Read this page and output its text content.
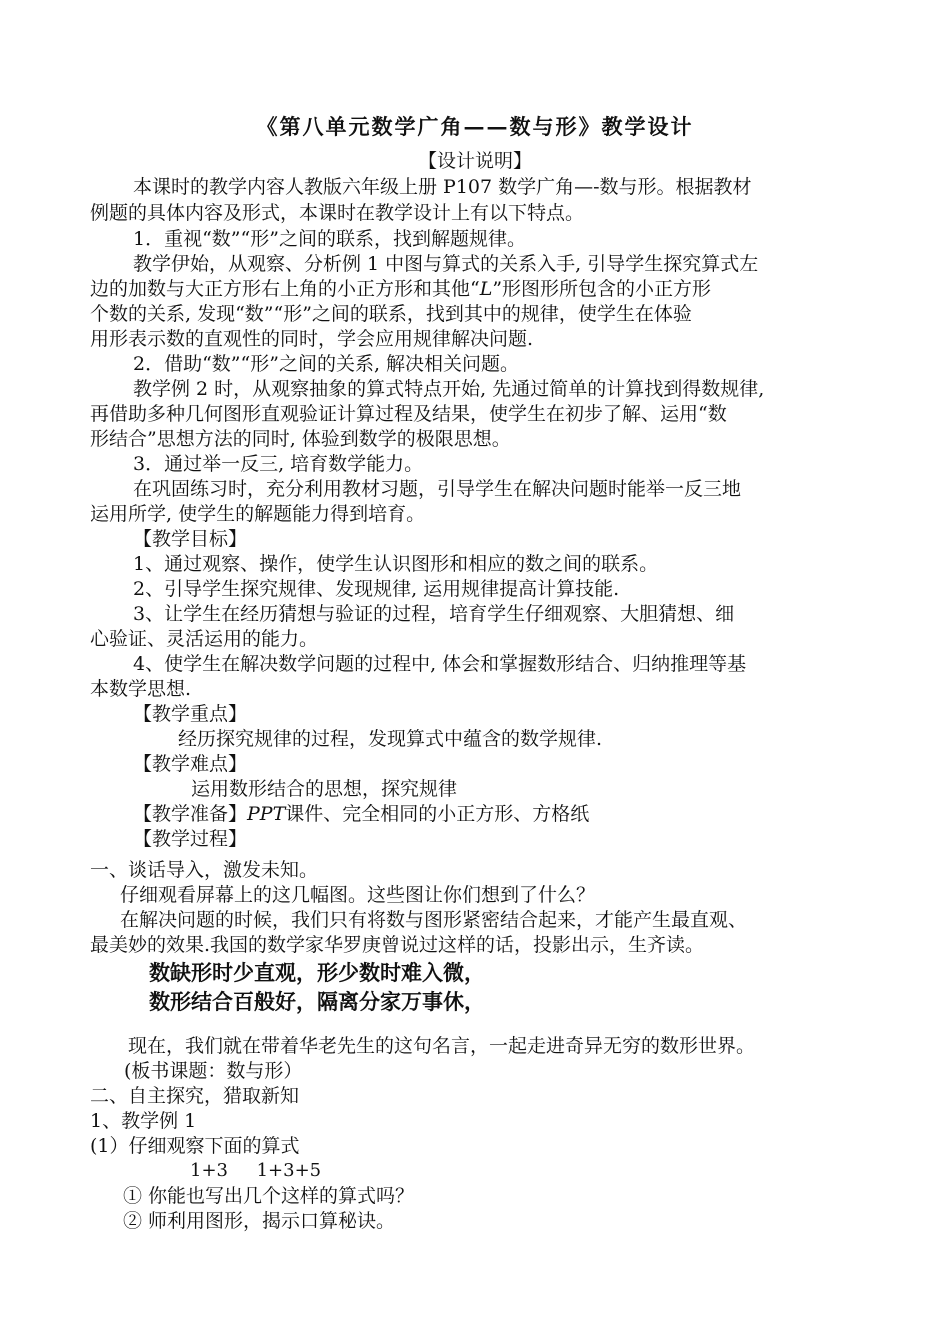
《第八单元数学广角——数与形》教学设计
【设计说明】
本课时的教学内容人教版六年级上册 P107 数学广角—-数与形。根据教材
例题的具体内容及形式，本课时在教学设计上有以下特点。
1．重视“数”“形”之间的联系，找到解题规律。
教学伊始，从观察、分析例 1 中图与算式的关系入手, 引导学生探究算式左
边的加数与大正方形右上角的小正方形和其他“L”形图形所包含的小正方形
个数的关系, 发现“数”“形”之间的联系，找到其中的规律，使学生在体验
用形表示数的直观性的同时，学会应用规律解决问题.
2．借助“数”“形”之间的关系, 解决相关问题。
教学例 2 时，从观察抽象的算式特点开始, 先通过简单的计算找到得数规律,
再借助多种几何图形直观验证计算过程及结果，使学生在初步了解、运用“数
形结合”思想方法的同时, 体验到数学的极限思想。
3．通过举一反三, 培育数学能力。
在巩固练习时，充分利用教材习题，引导学生在解决问题时能举一反三地
运用所学, 使学生的解题能力得到培育。
【教学目标】
1、通过观察、操作，使学生认识图形和相应的数之间的联系。
2、引导学生探究规律、发现规律, 运用规律提高计算技能.
3、让学生在经历猜想与验证的过程，培育学生仔细观察、大胆猜想、细
心验证、灵活运用的能力。
4、使学生在解决数学问题的过程中, 体会和掌握数形结合、归纳推理等基
本数学思想.
【教学重点】
经历探究规律的过程，发现算式中蕴含的数学规律.
【教学难点】
运用数形结合的思想，探究规律
【教学准备】PPT课件、完全相同的小正方形、方格纸
【教学过程】
一、谈话导入，激发未知。
仔细观看屏幕上的这几幅图。这些图让你们想到了什么？
在解决问题的时候，我们只有将数与图形紧密结合起来，才能产生最直观、
最美妙的效果.我国的数学家华罗庚曾说过这样的话，投影出示，生齐读。
数缺形时少直观，形少数时难入微，
数形结合百般好，隔离分家万事休，
现在，我们就在带着华老先生的这句名言，一起走进奇异无穷的数形世界。
(板书课题：数与形）
二、自主探究，猎取新知
1、教学例 1
(1）仔细观察下面的算式
1+3     1+3+5
① 你能也写出几个这样的算式吗？
② 师利用图形，揭示口算秘诀。
